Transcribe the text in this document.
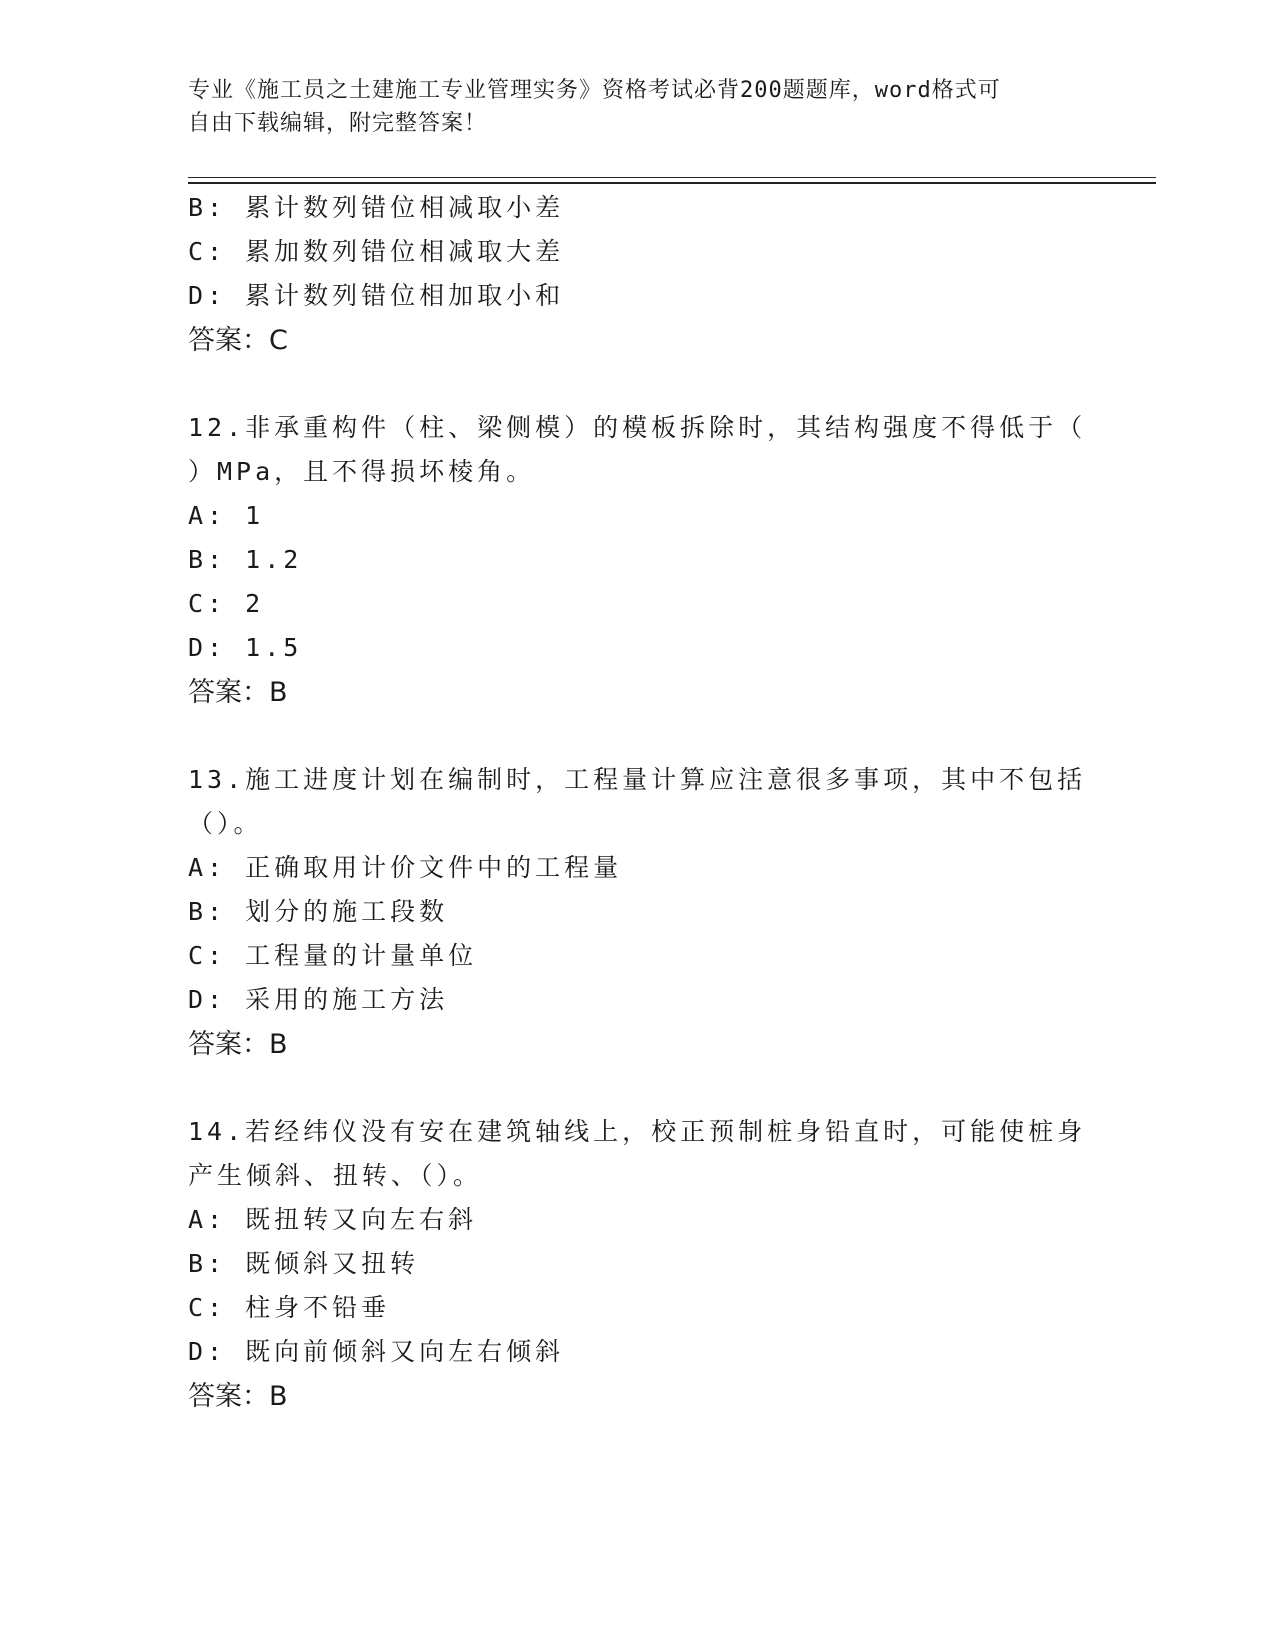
专业《施工员之土建施工专业管理实务》资格考试必背200题题库，word格式可
自由下载编辑，附完整答案！
B: 累计数列错位相减取小差
C: 累加数列错位相减取大差
D: 累计数列错位相加取小和
答案：C
12.非承重构件（柱、梁侧模）的模板拆除时，其结构强度不得低于（
）MPa，且不得损坏棱角。
A: 1
B: 1.2
C: 2
D: 1.5
答案：B
13.施工进度计划在编制时，工程量计算应注意很多事项，其中不包括
（）。
A: 正确取用计价文件中的工程量
B: 划分的施工段数
C: 工程量的计量单位
D: 采用的施工方法
答案：B
14.若经纬仪没有安在建筑轴线上，校正预制桩身铅直时，可能使桩身
产生倾斜、扭转、（）。
A: 既扭转又向左右斜
B: 既倾斜又扭转
C: 柱身不铅垂
D: 既向前倾斜又向左右倾斜
答案：B
